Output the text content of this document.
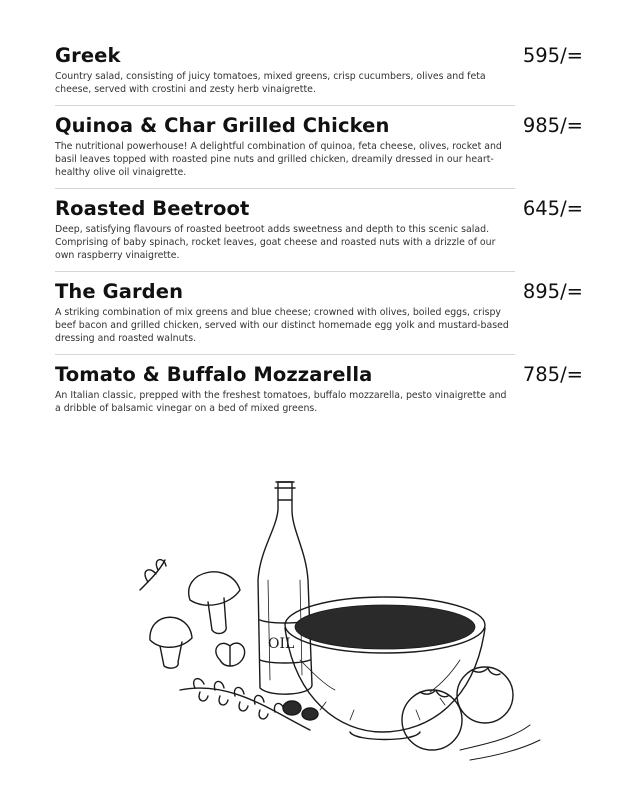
Greek	595/=
Country salad, consisting of juicy tomatoes, mixed greens, crisp cucumbers, olives and feta cheese, served with crostini and zesty herb vinaigrette.
Quinoa & Char Grilled Chicken	985/=
The nutritional powerhouse! A delightful combination of quinoa, feta cheese, olives, rocket and basil leaves topped with roasted pine nuts and grilled chicken, dreamily dressed in our heart-healthy olive oil vinaigrette.
Roasted Beetroot	645/=
Deep, satisfying flavours of roasted beetroot adds sweetness and depth to this scenic salad. Comprising of baby spinach, rocket leaves, goat cheese and roasted nuts with a drizzle of our own raspberry vinaigrette.
The Garden	895/=
A striking combination of mix greens and blue cheese; crowned with olives, boiled eggs, crispy beef bacon and grilled chicken, served with our distinct homemade egg yolk and mustard-based dressing and roasted walnuts.
Tomato & Buffalo Mozzarella	785/=
An Italian classic, prepped with the freshest tomatoes, buffalo mozzarella, pesto vinaigrette and a dribble of balsamic vinegar on a bed of mixed greens.
OIL
